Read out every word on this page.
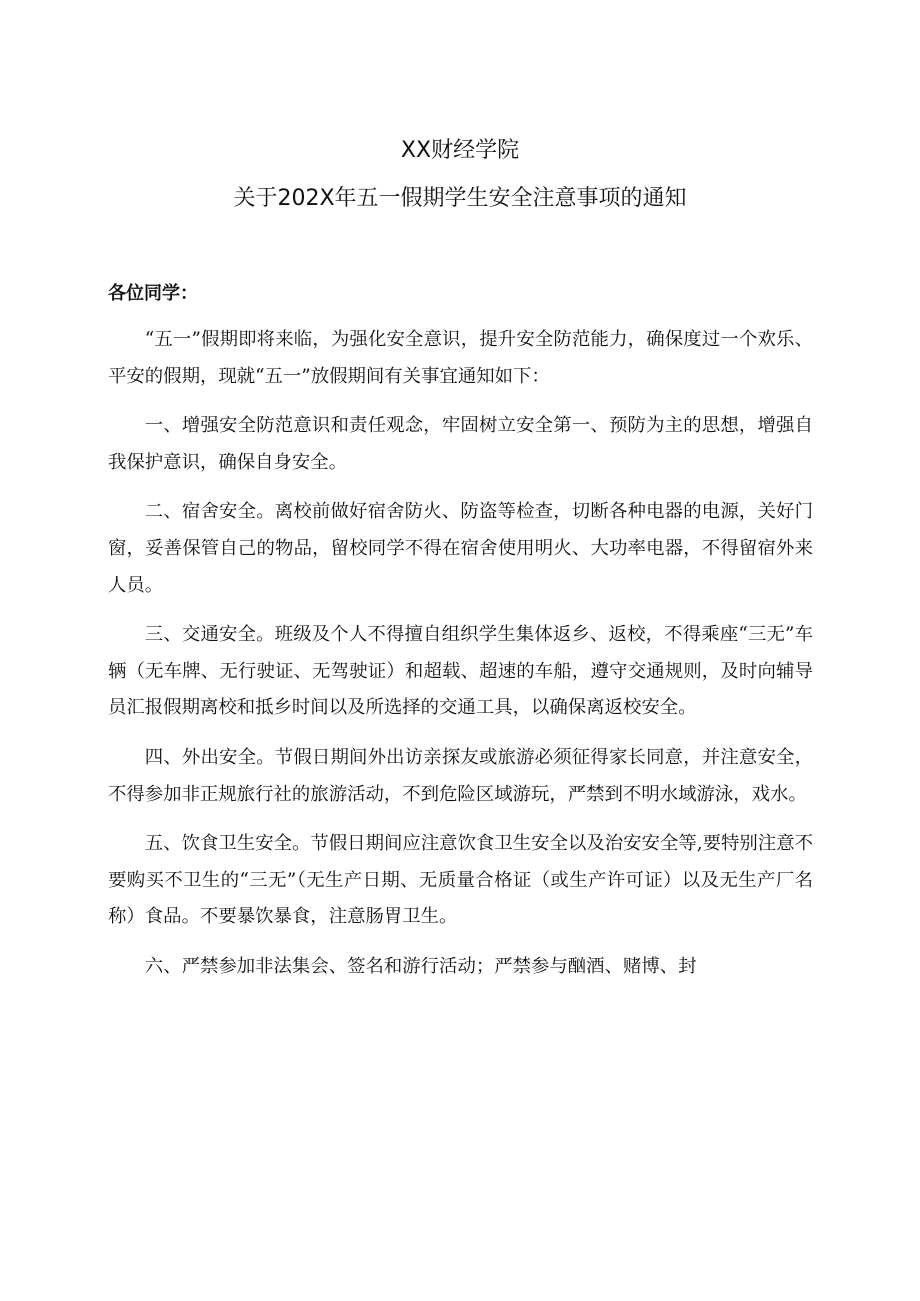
XX财经学院
关于202X年五一假期学生安全注意事项的通知
各位同学：

“五一”假期即将来临，为强化安全意识，提升安全防范能力，确保度过一个欢乐、平安的假期，现就“五一”放假期间有关事宜通知如下：

一、增强安全防范意识和责任观念，牢固树立安全第一、预防为主的思想，增强自我保护意识，确保自身安全。

二、宿舍安全。离校前做好宿舍防火、防盗等检查，切断各种电器的电源，关好门窗，妥善保管自己的物品，留校同学不得在宿舍使用明火、大功率电器，不得留宿外来人员。

三、交通安全。班级及个人不得擅自组织学生集体返乡、返校，不得乘座“三无”车辆（无车牌、无行驶证、无驾驶证）和超载、超速的车船，遵守交通规则，及时向辅导员汇报假期离校和抵乡时间以及所选择的交通工具，以确保离返校安全。

四、外出安全。节假日期间外出访亲探友或旅游必须征得家长同意，并注意安全，不得参加非正规旅行社的旅游活动，不到危险区域游玩，严禁到不明水域游泳，戏水。

五、饮食卫生安全。节假日期间应注意饮食卫生安全以及治安安全等,要特别注意不要购买不卫生的“三无”（无生产日期、无质量合格证（或生产许可证）以及无生产厂名称）食品。不要暴饮暴食，注意肠胃卫生。

六、严禁参加非法集会、签名和游行活动；严禁参与酗酒、赌博、封
